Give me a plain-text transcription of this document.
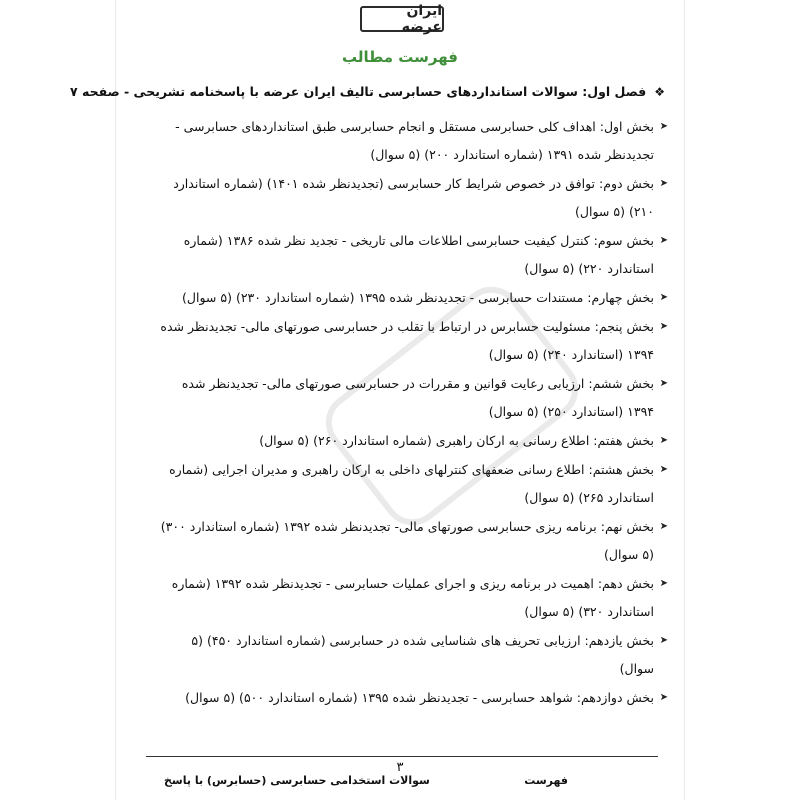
ایران عرضه
فهرست مطالب
❖فصل اول: سوالات استانداردهای حسابرسی تالیف ایران عرضه با پاسخنامه تشریحی - صفحه ۷
➤
بخش اول: اهداف کلی حسابرسی مستقل و انجام حسابرسی طبق استانداردهای حسابرسی - تجدیدنظر شده ۱۳۹۱ (شماره استاندارد ۲۰۰) (۵ سوال)
➤
بخش دوم: توافق در خصوص شرایط کار حسابرسی (تجدیدنظر شده ۱۴۰۱) (شماره استاندارد ۲۱۰) (۵ سوال)
➤
بخش سوم: کنترل کیفیت حسابرسی اطلاعات مالی تاریخی - تجدید نظر شده ۱۳۸۶ (شماره استاندارد ۲۲۰) (۵ سوال)
➤
بخش چهارم: مستندات حسابرسی - تجدیدنظر شده ۱۳۹۵ (شماره استاندارد ۲۳۰) (۵ سوال)
➤
بخش پنجم: مسئولیت حسابرس در ارتباط با تقلب در حسابرسی صورتهای مالی- تجدیدنظر شده ۱۳۹۴ (استاندارد ۲۴۰) (۵ سوال)
➤
بخش ششم: ارزیابی رعایت قوانین و مقررات در حسابرسی صورتهای مالی- تجدیدنظر شده ۱۳۹۴ (استاندارد ۲۵۰) (۵ سوال)
➤
بخش هفتم: اطلاع رسانی به ارکان راهبری (شماره استاندارد ۲۶۰) (۵ سوال)
➤
بخش هشتم: اطلاع رسانی ضعفهای کنترلهای داخلی به ارکان راهبری و مدیران اجرایی (شماره استاندارد ۲۶۵) (۵ سوال)
➤
بخش نهم: برنامه ریزی حسابرسی صورتهای مالی- تجدیدنظر شده ۱۳۹۲ (شماره استاندارد ۳۰۰) (۵ سوال)
➤
بخش دهم: اهمیت در برنامه ریزی و اجرای عملیات حسابرسی - تجدیدنظر شده ۱۳۹۲ (شماره استاندارد ۳۲۰) (۵ سوال)
➤
بخش یازدهم: ارزیابی تحریف های شناسایی شده در حسابرسی (شماره استاندارد ۴۵۰) (۵ سوال)
➤
بخش دوازدهم: شواهد حسابرسی - تجدیدنظر شده ۱۳۹۵ (شماره استاندارد ۵۰۰) (۵ سوال)
۳
سوالات استخدامی حسابرسی (حسابرس) با پاسخ	فهرست
